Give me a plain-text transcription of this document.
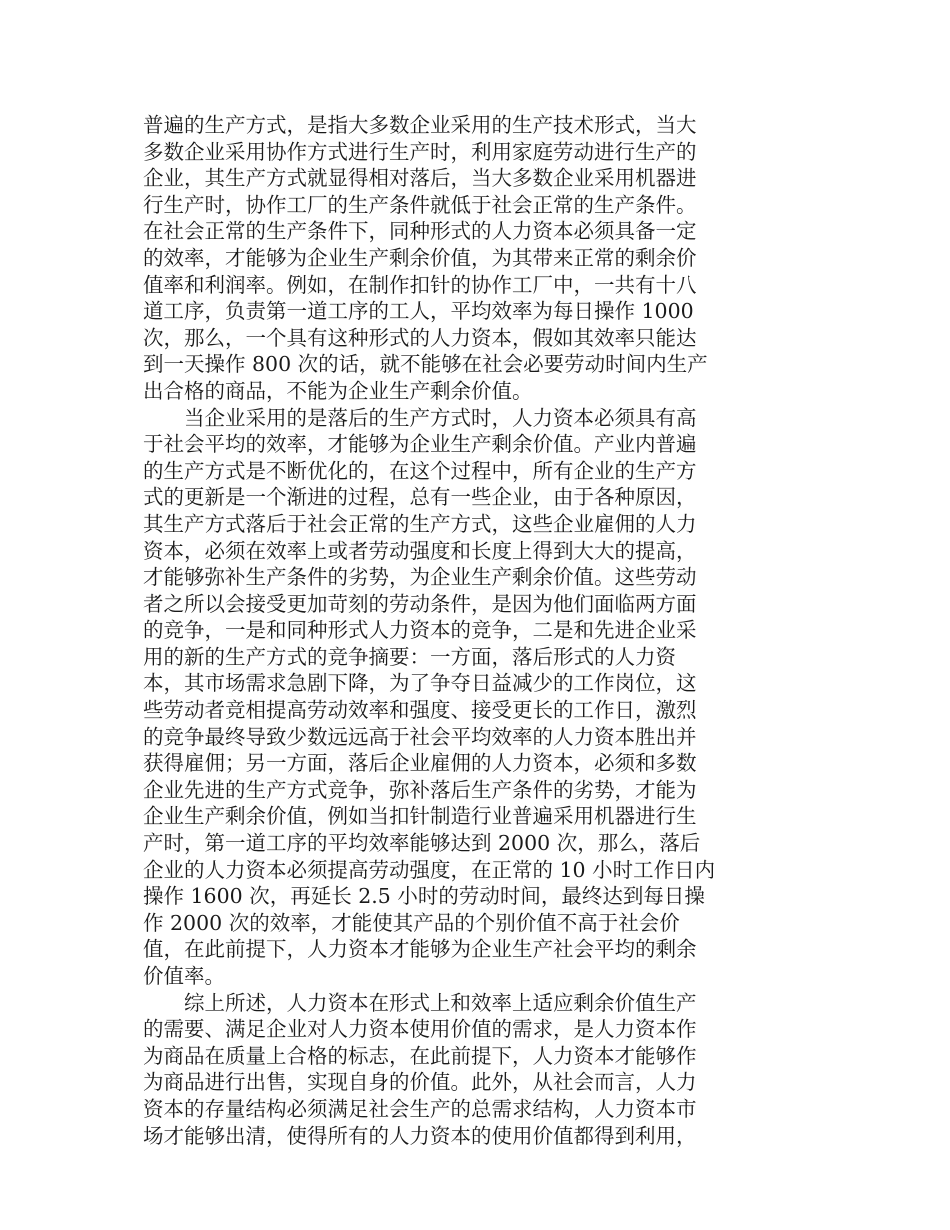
普遍的生产方式，是指大多数企业采用的生产技术形式，当大
多数企业采用协作方式进行生产时，利用家庭劳动进行生产的
企业，其生产方式就显得相对落后，当大多数企业采用机器进
行生产时，协作工厂的生产条件就低于社会正常的生产条件。
在社会正常的生产条件下，同种形式的人力资本必须具备一定
的效率，才能够为企业生产剩余价值，为其带来正常的剩余价
值率和利润率。例如，在制作扣针的协作工厂中，一共有十八
道工序，负责第一道工序的工人，平均效率为每日操作 1000
次，那么，一个具有这种形式的人力资本，假如其效率只能达
到一天操作 800 次的话，就不能够在社会必要劳动时间内生产
出合格的商品，不能为企业生产剩余价值。
当企业采用的是落后的生产方式时，人力资本必须具有高
于社会平均的效率，才能够为企业生产剩余价值。产业内普遍
的生产方式是不断优化的，在这个过程中，所有企业的生产方
式的更新是一个渐进的过程，总有一些企业，由于各种原因，
其生产方式落后于社会正常的生产方式，这些企业雇佣的人力
资本，必须在效率上或者劳动强度和长度上得到大大的提高，
才能够弥补生产条件的劣势，为企业生产剩余价值。这些劳动
者之所以会接受更加苛刻的劳动条件，是因为他们面临两方面
的竞争，一是和同种形式人力资本的竞争，二是和先进企业采
用的新的生产方式的竞争摘要：一方面，落后形式的人力资
本，其市场需求急剧下降，为了争夺日益减少的工作岗位，这
些劳动者竞相提高劳动效率和强度、接受更长的工作日，激烈
的竞争最终导致少数远远高于社会平均效率的人力资本胜出并
获得雇佣；另一方面，落后企业雇佣的人力资本，必须和多数
企业先进的生产方式竞争，弥补落后生产条件的劣势，才能为
企业生产剩余价值，例如当扣针制造行业普遍采用机器进行生
产时，第一道工序的平均效率能够达到 2000 次，那么，落后
企业的人力资本必须提高劳动强度，在正常的 10 小时工作日内
操作 1600 次，再延长 2.5 小时的劳动时间，最终达到每日操
作 2000 次的效率，才能使其产品的个别价值不高于社会价
值，在此前提下，人力资本才能够为企业生产社会平均的剩余
价值率。
综上所述，人力资本在形式上和效率上适应剩余价值生产
的需要、满足企业对人力资本使用价值的需求，是人力资本作
为商品在质量上合格的标志，在此前提下，人力资本才能够作
为商品进行出售，实现自身的价值。此外，从社会而言，人力
资本的存量结构必须满足社会生产的总需求结构，人力资本市
场才能够出清，使得所有的人力资本的使用价值都得到利用，
